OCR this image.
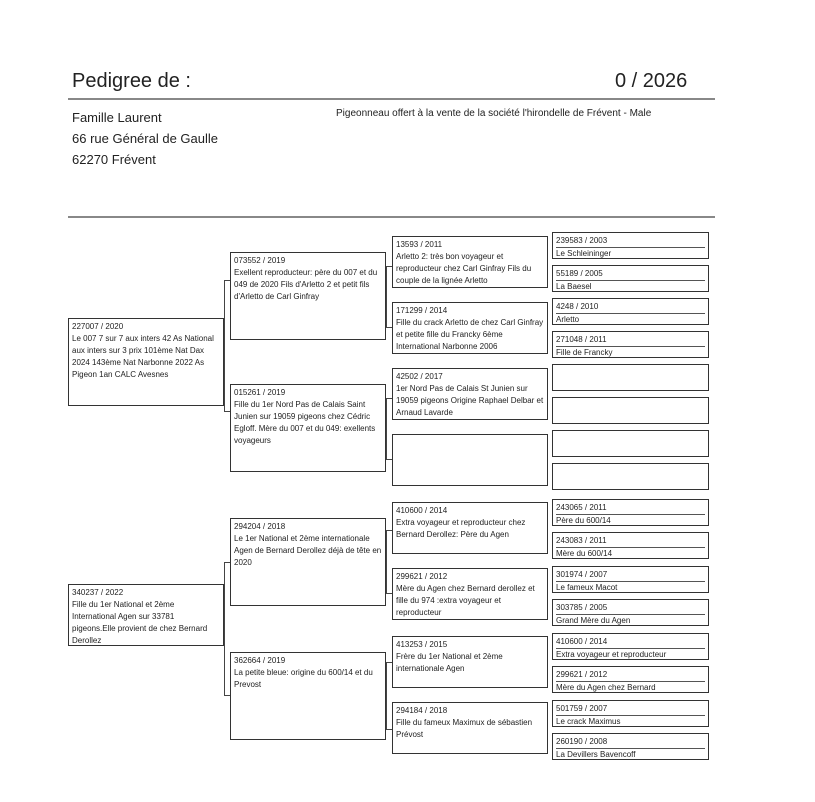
Pedigree de :	0 / 2026
Famille Laurent
66 rue Général de Gaulle
62270 Frévent
Pigeonneau offert à la vente de la société l'hirondelle de Frévent - Male
227007 / 2020
Le 007 7 sur 7 aux inters 42 As National aux inters sur 3 prix 101ème Nat Dax 2024 143ème Nat Narbonne 2022 As Pigeon 1an CALC Avesnes
340237 / 2022
Fille du 1er National et 2ème International Agen sur 33781 pigeons.Elle provient de chez Bernard Derollez
073552 / 2019
Exellent reproducteur: père du 007 et du 049 de 2020 Fils d'Arletto 2 et petit fils d'Arletto de Carl Ginfray
015261 / 2019
Fille du 1er Nord Pas de Calais Saint Junien sur 19059 pigeons chez Cédric Egloff. Mère du 007 et du 049: exellents voyageurs
294204 / 2018
Le 1er National et 2ème internationale Agen de Bernard Derollez déjà de tête en 2020
362664 / 2019
La petite bleue: origine du 600/14 et du Prevost
13593 / 2011
Arletto 2: très bon voyageur et reproducteur chez Carl Ginfray Fils du couple de la lignée Arletto
171299 / 2014
Fille du crack Arletto de chez Carl Ginfray et petite fille du Francky 6ème International Narbonne 2006
42502 / 2017
1er Nord Pas de Calais St Junien sur 19059 pigeons Origine Raphael Delbar et Arnaud Lavarde
410600 / 2014
Extra voyageur et reproducteur chez Bernard Derollez: Père du Agen
299621 / 2012
Mère du Agen chez Bernard derollez et fille du 974 :extra voyageur et reproducteur
413253 / 2015
Frère du 1er National et 2ème internationale Agen
294184 / 2018
Fille du fameux Maximux de sébastien Prévost
239583 / 2003
Le Schleininger
55189 / 2005
La Baesel
4248 / 2010
Arletto
271048 / 2011
Fille de Francky
243065 / 2011
Père du 600/14
243083 / 2011
Mère du 600/14
301974 / 2007
Le fameux Macot
303785 / 2005
Grand Mère du Agen
410600 / 2014
Extra voyageur et reproducteur
299621 / 2012
Mère du Agen chez Bernard
501759 / 2007
Le crack Maximus
260190 / 2008
La Devillers Bavencoff
